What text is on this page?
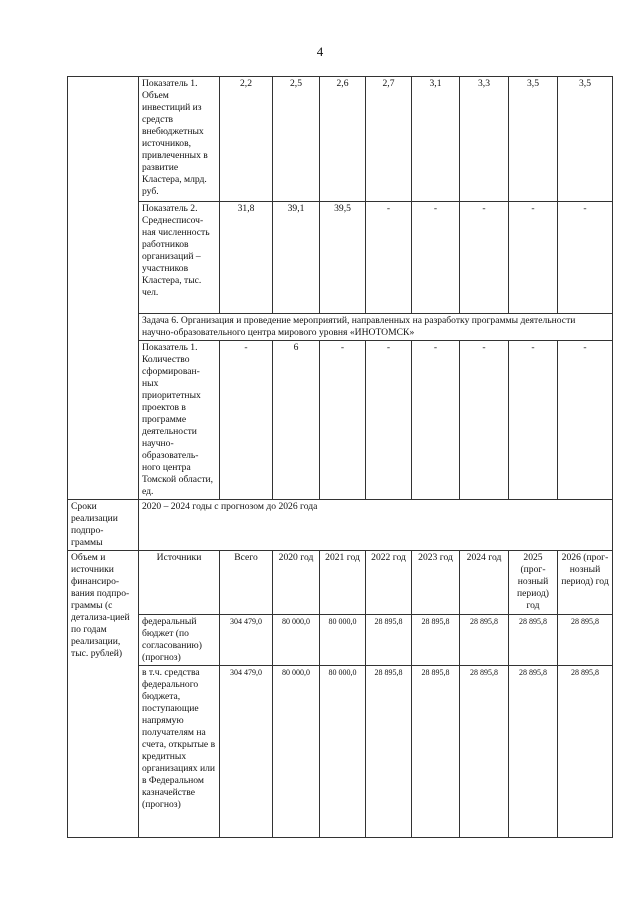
4
	Показатель 1. Объем инвестиций из средств внебюджетных источников, привлеченных в развитие Кластера, млрд. руб.	2,2	2,5	2,6	2,7	3,1	3,3	3,5	3,5
	Показатель 2. Среднесписоч-ная численность работников организаций – участников Кластера, тыс. чел.	31,8	39,1	39,5	-	-	-	-	-
	Задача 6. Организация и проведение мероприятий, направленных на разработку программы деятельности научно-образовательного центра мирового уровня «ИНОТОМСК»								
	Показатель 1. Количество сформирован-ных приоритетных проектов в программе деятельности научно-образователь-ного центра Томской области, ед.	-	6	-	-	-	-	-	-
Сроки реализации подпро-граммы	2020 – 2024 годы с прогнозом до 2026 года								
Объем и источники финансиро-вания подпро-граммы (с детализа-цией по годам реализации, тыс. рублей)	Источники	Всего	2020 год	2021 год	2022 год	2023 год	2024 год	2025 (прог-нозный период) год	2026 (прог-нозный период) год
	федеральный бюджет (по согласованию) (прогноз)	304 479,0	80 000,0	80 000,0	28 895,8	28 895,8	28 895,8	28 895,8	28 895,8
	в т.ч. средства федерального бюджета, поступающие напрямую получателям на счета, открытые в кредитных организациях или в Федеральном казначействе (прогноз)	304 479,0	80 000,0	80 000,0	28 895,8	28 895,8	28 895,8	28 895,8	28 895,8
